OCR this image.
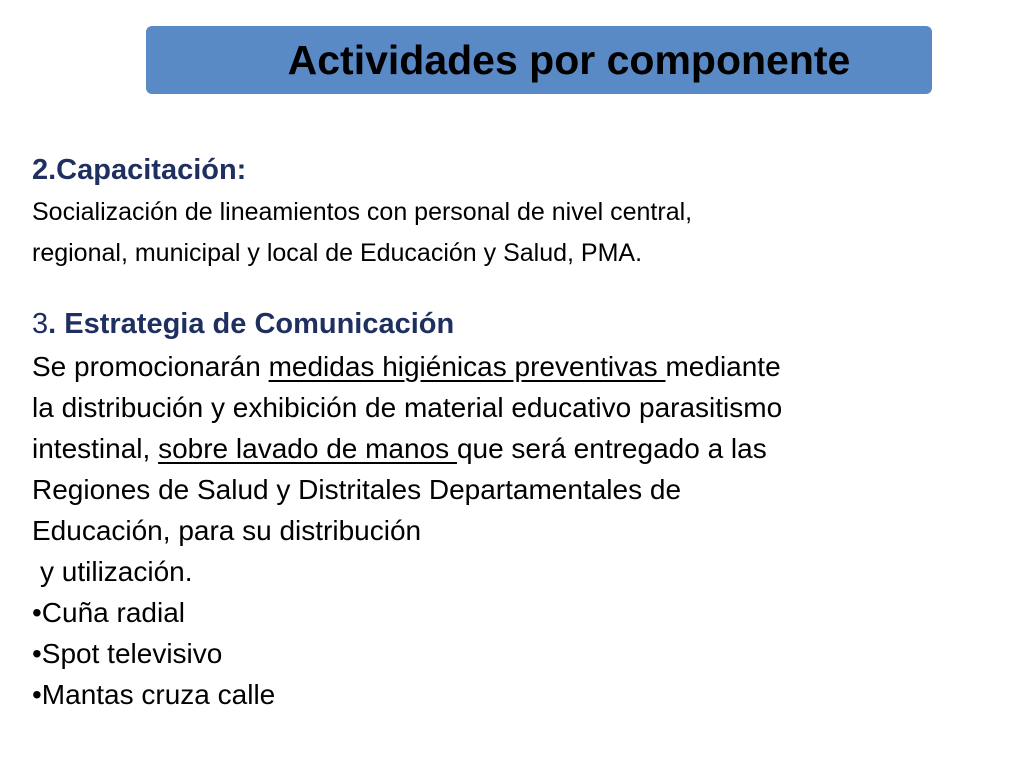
Actividades por componente

2.Capacitación:

Socialización de lineamientos con personal de nivel central,
regional, municipal y local de Educación y Salud, PMA.

3. Estrategia de Comunicación

Se promocionarán medidas higiénicas preventivas mediante
la distribución y exhibición de material educativo parasitismo
intestinal, sobre lavado de manos que será entregado a las
Regiones de Salud y Distritales Departamentales de
Educación, para su distribución
y utilización.
•Cuña radial
•Spot televisivo
•Mantas cruza calle
